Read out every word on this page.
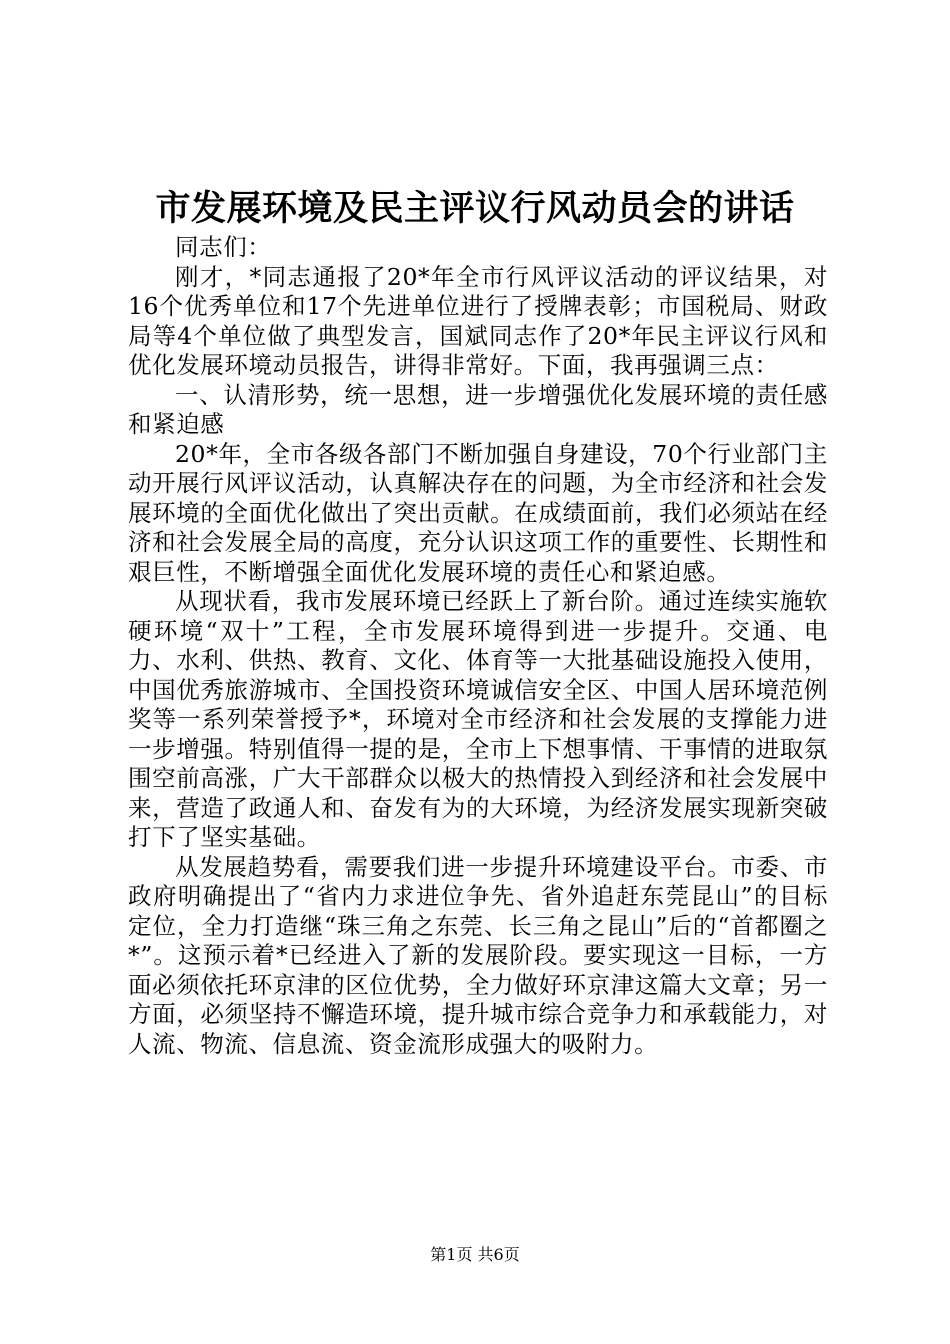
市发展环境及民主评议行风动员会的讲话

同志们：

刚才，*同志通报了20*年全市行风评议活动的评议结果，对16个优秀单位和17个先进单位进行了授牌表彰；市国税局、财政局等4个单位做了典型发言，国斌同志作了20*年民主评议行风和优化发展环境动员报告，讲得非常好。下面，我再强调三点：

一、认清形势，统一思想，进一步增强优化发展环境的责任感和紧迫感

20*年，全市各级各部门不断加强自身建设，70个行业部门主动开展行风评议活动，认真解决存在的问题，为全市经济和社会发展环境的全面优化做出了突出贡献。在成绩面前，我们必须站在经济和社会发展全局的高度，充分认识这项工作的重要性、长期性和艰巨性，不断增强全面优化发展环境的责任心和紧迫感。

从现状看，我市发展环境已经跃上了新台阶。通过连续实施软硬环境“双十”工程，全市发展环境得到进一步提升。交通、电力、水利、供热、教育、文化、体育等一大批基础设施投入使用，中国优秀旅游城市、全国投资环境诚信安全区、中国人居环境范例奖等一系列荣誉授予*，环境对全市经济和社会发展的支撑能力进一步增强。特别值得一提的是，全市上下想事情、干事情的进取氛围空前高涨，广大干部群众以极大的热情投入到经济和社会发展中来，营造了政通人和、奋发有为的大环境，为经济发展实现新突破打下了坚实基础。

从发展趋势看，需要我们进一步提升环境建设平台。市委、市政府明确提出了“省内力求进位争先、省外追赶东莞昆山”的目标定位，全力打造继“珠三角之东莞、长三角之昆山”后的“首都圈之*”。这预示着*已经进入了新的发展阶段。要实现这一目标，一方面必须依托环京津的区位优势，全力做好环京津这篇大文章；另一方面，必须坚持不懈造环境，提升城市综合竞争力和承载能力，对人流、物流、信息流、资金流形成强大的吸附力。

第1页 共6页
